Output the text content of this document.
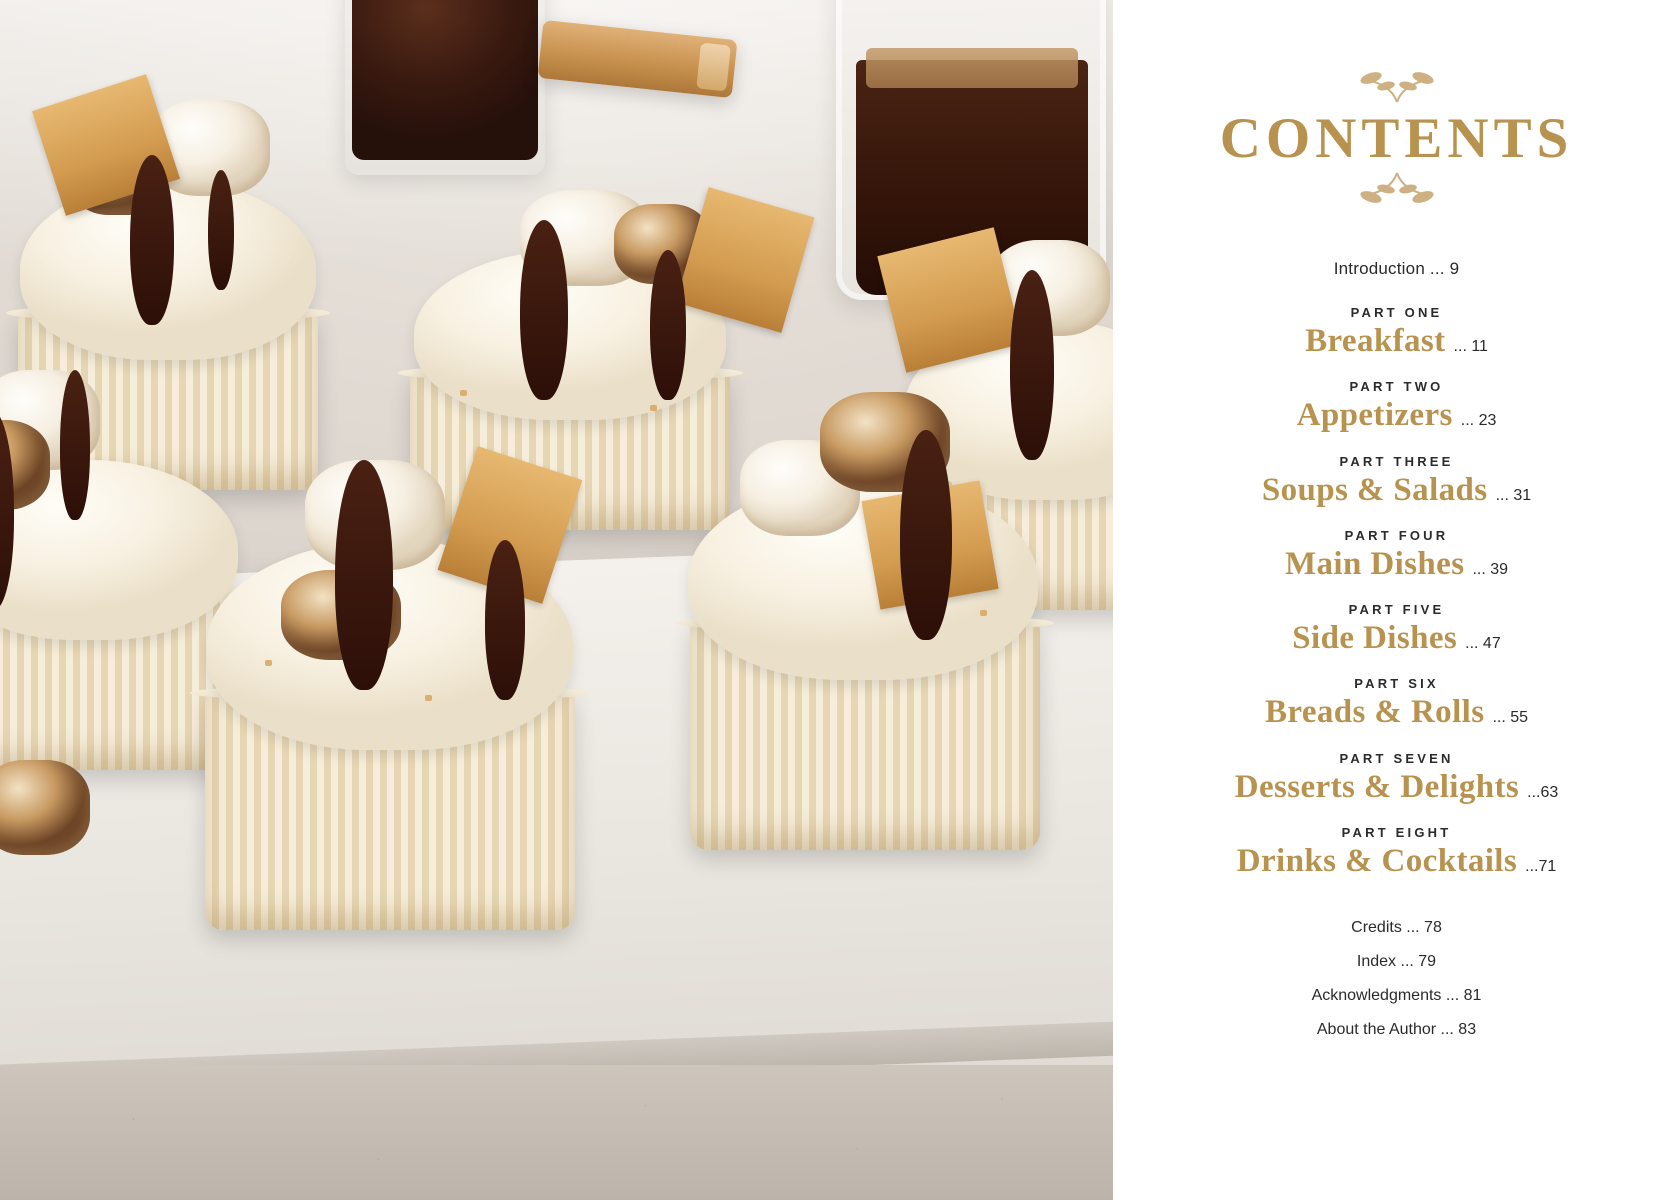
CONTENTS
Introduction ... 9
PART ONE
Breakfast ... 11
PART TWO
Appetizers ... 23
PART THREE
Soups & Salads ... 31
PART FOUR
Main Dishes ... 39
PART FIVE
Side Dishes ... 47
PART SIX
Breads & Rolls ... 55
PART SEVEN
Desserts & Delights ...63
PART EIGHT
Drinks & Cocktails ...71
Credits ... 78
Index ... 79
Acknowledgments ... 81
About the Author ... 83
